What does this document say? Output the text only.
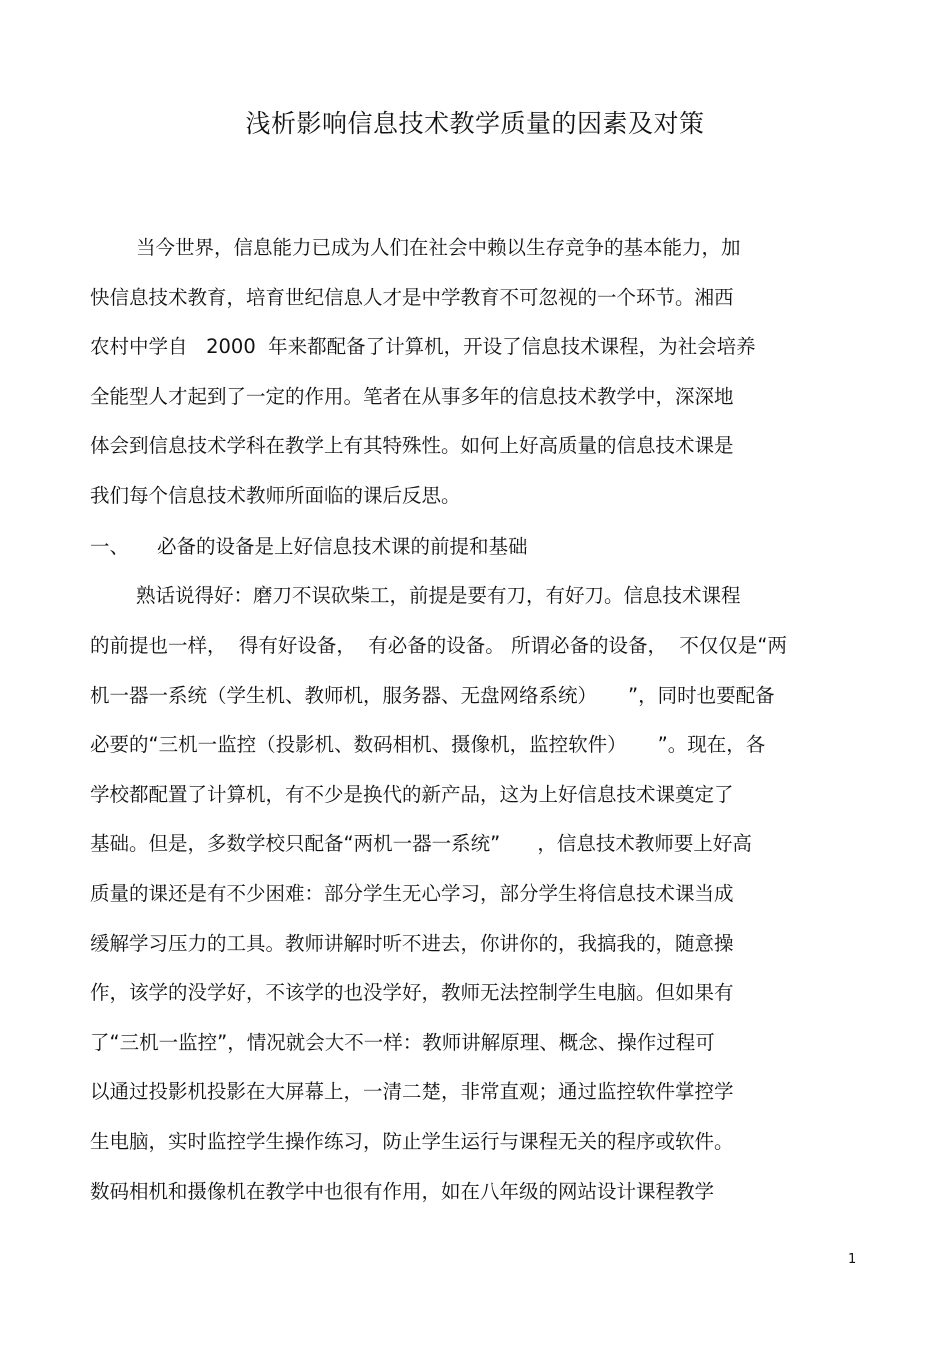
浅析影响信息技术教学质量的因素及对策
当今世界，信息能力已成为人们在社会中赖以生存竞争的基本能力，加
快信息技术教育，培育世纪信息人才是中学教育不可忽视的一个环节。湘西
农村中学自   2000  年来都配备了计算机，开设了信息技术课程，为社会培养
全能型人才起到了一定的作用。笔者在从事多年的信息技术教学中，深深地
体会到信息技术学科在教学上有其特殊性。如何上好高质量的信息技术课是
我们每个信息技术教师所面临的课后反思。
一、 必备的设备是上好信息技术课的前提和基础
熟话说得好：磨刀不误砍柴工，前提是要有刀，有好刀。信息技术课程
的前提也一样，  得有好设备，  有必备的设备。 所谓必备的设备，  不仅仅是“两
机一器一系统（学生机、教师机，服务器、无盘网络系统）     ”，同时也要配备
必要的“三机一监控（投影机、数码相机、摄像机，监控软件）     ”。现在，各
学校都配置了计算机，有不少是换代的新产品，这为上好信息技术课奠定了
基础。但是，多数学校只配备“两机一器一系统”      ，信息技术教师要上好高
质量的课还是有不少困难：部分学生无心学习，部分学生将信息技术课当成
缓解学习压力的工具。教师讲解时听不进去，你讲你的，我搞我的，随意操
作，该学的没学好，不该学的也没学好，教师无法控制学生电脑。但如果有
了“三机一监控”，情况就会大不一样：教师讲解原理、概念、操作过程可
以通过投影机投影在大屏幕上，一清二楚，非常直观；通过监控软件掌控学
生电脑，实时监控学生操作练习，防止学生运行与课程无关的程序或软件。
数码相机和摄像机在教学中也很有作用，如在八年级的网站设计课程教学
1
